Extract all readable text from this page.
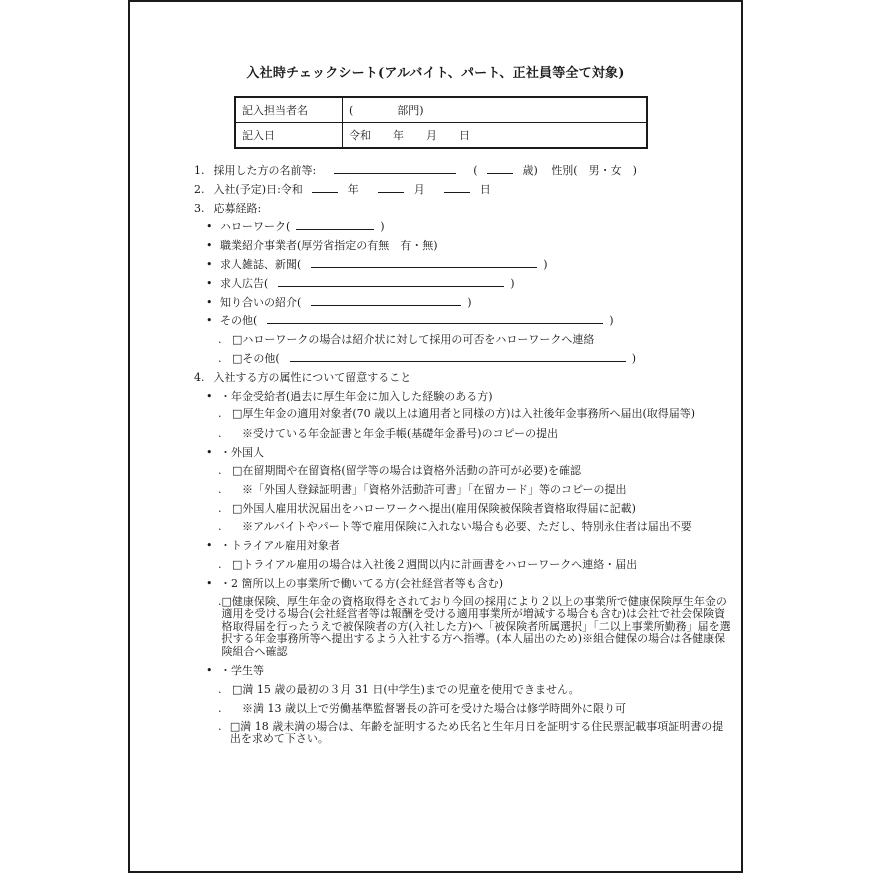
入社時チェックシート(アルバイト、パート、正社員等全て対象)
記入担当者名	(　　　　部門)
記入日	令和　　年　　月　　日
1. 採用した方の名前等:	(	歳) 性別(　男・女　)
2. 入社(予定)日:令和	年	月	日
3. 応募経路:
• ハローワーク(	)
• 職業紹介事業者(厚労省指定の有無　有・無)
• 求人雑誌、新聞(	)
• 求人広告(	)
• 知り合いの紹介(	)
• その他(	)
. □ハローワークの場合は紹介状に対して採用の可否をハローワークへ連絡
. □その他(	)
4. 入社する方の属性について留意すること
• ・年金受給者(過去に厚生年金に加入した経験のある方)
. □厚生年金の適用対象者(70 歳以上は適用者と同様の方)は入社後年金事務所へ届出(取得届等)
. ※受けている年金証書と年金手帳(基礎年金番号)のコピーの提出
• ・外国人
. □在留期間や在留資格(留学等の場合は資格外活動の許可が必要)を確認
. ※「外国人登録証明書」「資格外活動許可書」「在留カード」等のコピーの提出
. □外国人雇用状況届出をハローワークへ提出(雇用保険被保険者資格取得届に記載)
.	※アルバイトやパート等で雇用保険に入れない場合も必要、ただし、特別永住者は届出不要
• ・トライアル雇用対象者
. □トライアル雇用の場合は入社後２週間以内に計画書をハローワークへ連絡・届出
• ・2 箇所以上の事業所で働いてる方(会社経営者等も含む)
. □健康保険、厚生年金の資格取得をされており今回の採用により２以上の事業所で健康保険厚生年金の適用を受ける場合(会社経営者等は報酬を受ける適用事業所が増減する場合も含む)は会社で社会保険資格取得届を行ったうえで被保険者の方(入社した方)へ「被保険者所属選択」「二以上事業所勤務」届を選択する年金事務所等へ提出するよう入社する方へ指導。(本人届出のため)※組合健保の場合は各健康保険組合へ確認
• ・学生等
. □満 15 歳の最初の３月 31 日(中学生)までの児童を使用できません。
. ※満 13 歳以上で労働基準監督署長の許可を受けた場合は修学時間外に限り可
. □満 18 歳未満の場合は、年齢を証明するため氏名と生年月日を証明する住民票記載事項証明書の提出を求めて下さい。
